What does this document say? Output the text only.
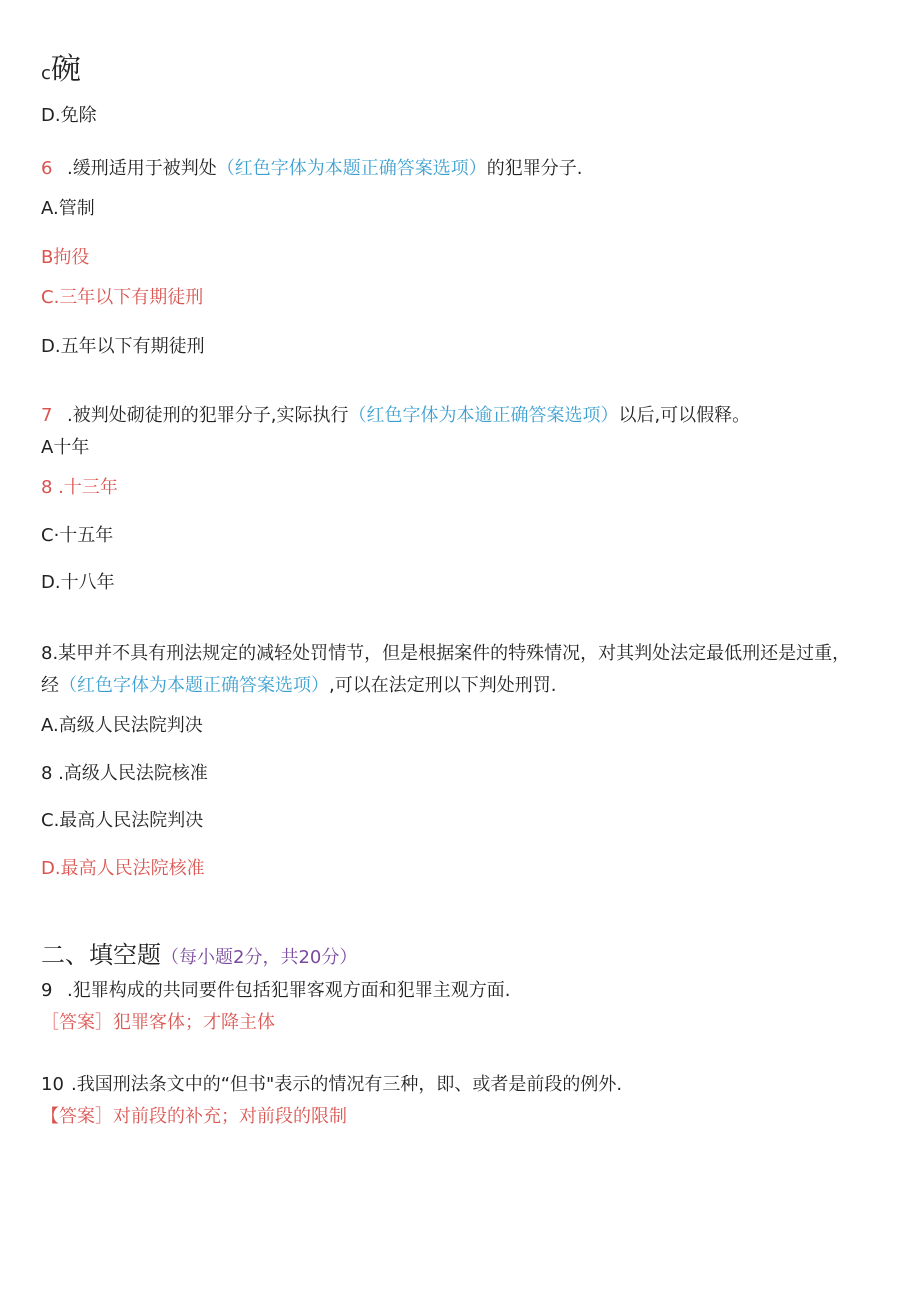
c碗
D.免除
6 .缓刑适用于被判处（红色字体为本题正确答案选项）的犯罪分子.
A.管制
B拘役
C.三年以下有期徒刑
D.五年以下有期徒刑
7 .被判处砌徒刑的犯罪分子,实际执行（红色字体为本逾正确答案选项）以后,可以假释。
A十年
8 .十三年
C·十五年
D.十八年
8.某甲并不具有刑法规定的减轻处罚情节，但是根据案件的特殊情况，对其判处法定最低刑还是过重，
经（红色字体为本题正确答案选项）,可以在法定刑以下判处刑罚.
A.高级人民法院判决
8 .高级人民法院核准
C.最高人民法院判决
D.最高人民法院核准
二、填空题（每小题2分，共20分）
9 .犯罪构成的共同要件包括犯罪客观方面和犯罪主观方面.
［答案］犯罪客体；才降主体
10 .我国刑法条文中的“但书"表示的情况有三种，即、或者是前段的例外.
【答案］对前段的补充；对前段的限制
